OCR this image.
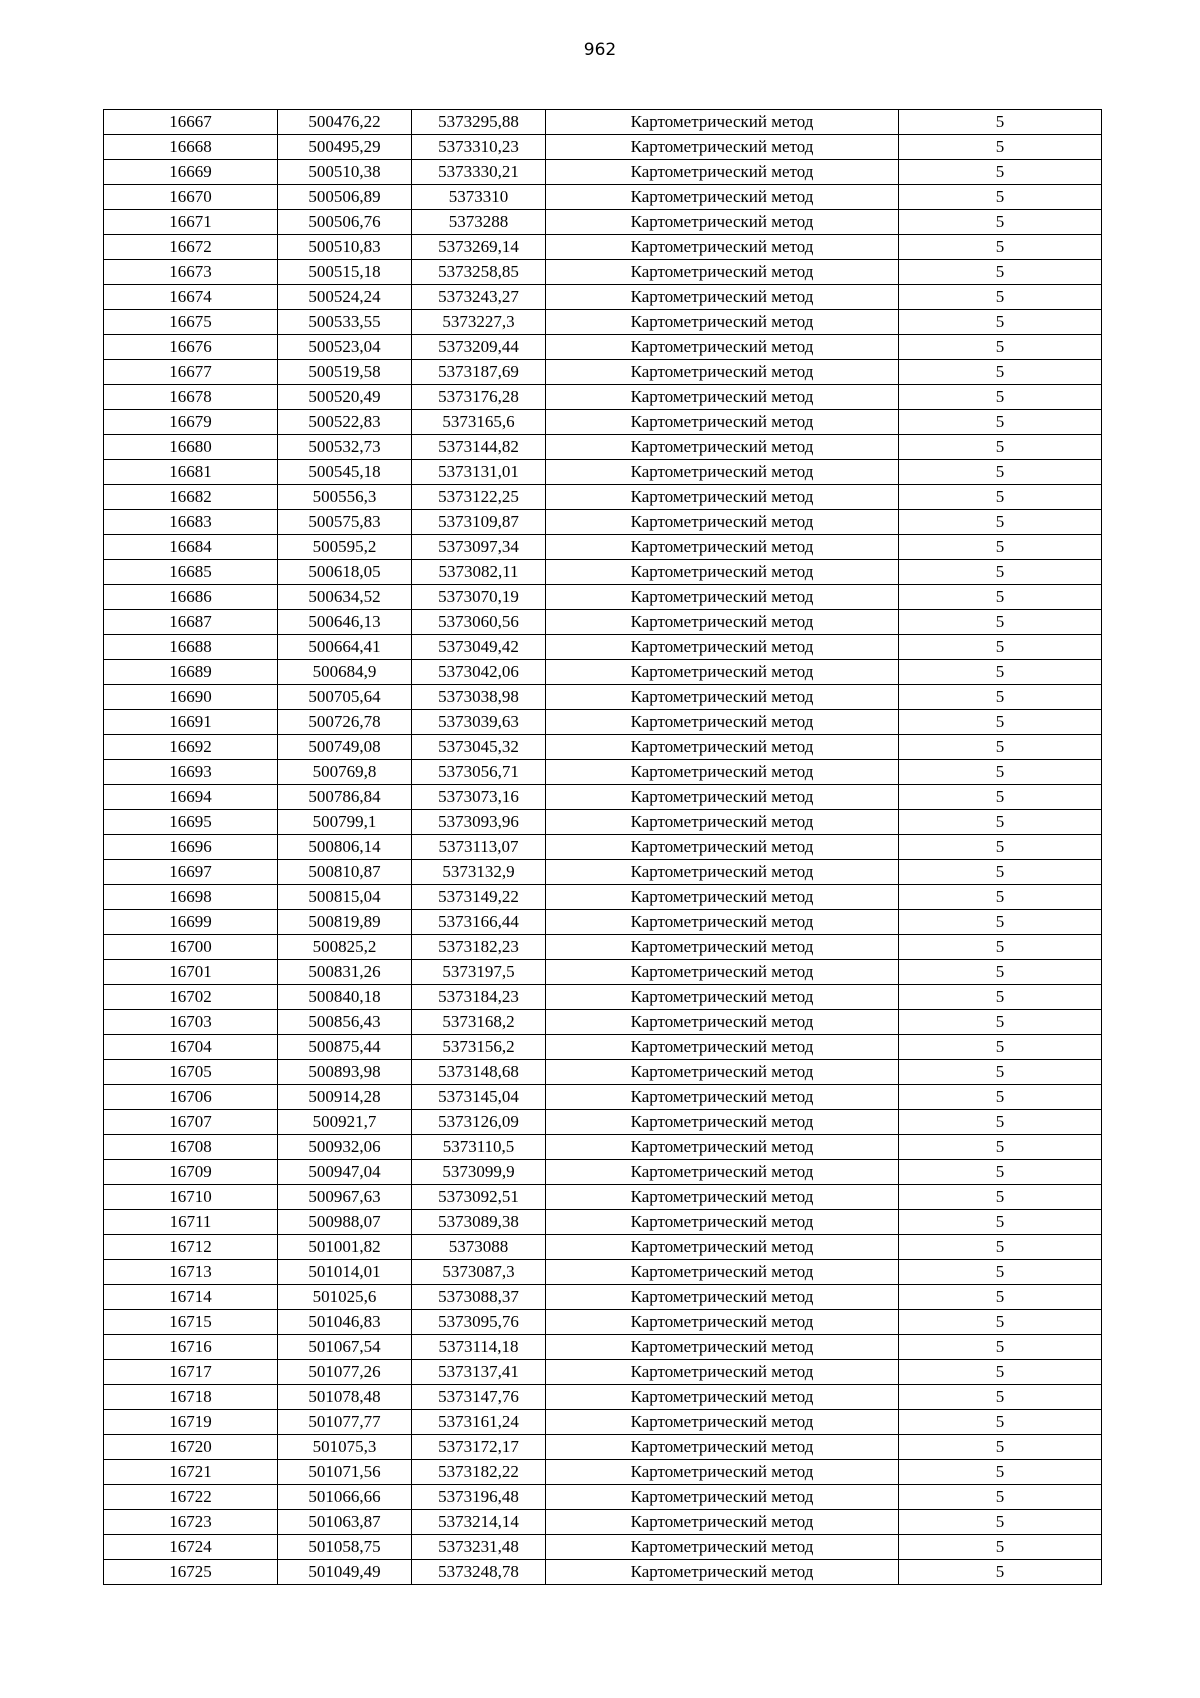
962
16667	500476,22	5373295,88	Картометрический метод	5
16668	500495,29	5373310,23	Картометрический метод	5
16669	500510,38	5373330,21	Картометрический метод	5
16670	500506,89	5373310	Картометрический метод	5
16671	500506,76	5373288	Картометрический метод	5
16672	500510,83	5373269,14	Картометрический метод	5
16673	500515,18	5373258,85	Картометрический метод	5
16674	500524,24	5373243,27	Картометрический метод	5
16675	500533,55	5373227,3	Картометрический метод	5
16676	500523,04	5373209,44	Картометрический метод	5
16677	500519,58	5373187,69	Картометрический метод	5
16678	500520,49	5373176,28	Картометрический метод	5
16679	500522,83	5373165,6	Картометрический метод	5
16680	500532,73	5373144,82	Картометрический метод	5
16681	500545,18	5373131,01	Картометрический метод	5
16682	500556,3	5373122,25	Картометрический метод	5
16683	500575,83	5373109,87	Картометрический метод	5
16684	500595,2	5373097,34	Картометрический метод	5
16685	500618,05	5373082,11	Картометрический метод	5
16686	500634,52	5373070,19	Картометрический метод	5
16687	500646,13	5373060,56	Картометрический метод	5
16688	500664,41	5373049,42	Картометрический метод	5
16689	500684,9	5373042,06	Картометрический метод	5
16690	500705,64	5373038,98	Картометрический метод	5
16691	500726,78	5373039,63	Картометрический метод	5
16692	500749,08	5373045,32	Картометрический метод	5
16693	500769,8	5373056,71	Картометрический метод	5
16694	500786,84	5373073,16	Картометрический метод	5
16695	500799,1	5373093,96	Картометрический метод	5
16696	500806,14	5373113,07	Картометрический метод	5
16697	500810,87	5373132,9	Картометрический метод	5
16698	500815,04	5373149,22	Картометрический метод	5
16699	500819,89	5373166,44	Картометрический метод	5
16700	500825,2	5373182,23	Картометрический метод	5
16701	500831,26	5373197,5	Картометрический метод	5
16702	500840,18	5373184,23	Картометрический метод	5
16703	500856,43	5373168,2	Картометрический метод	5
16704	500875,44	5373156,2	Картометрический метод	5
16705	500893,98	5373148,68	Картометрический метод	5
16706	500914,28	5373145,04	Картометрический метод	5
16707	500921,7	5373126,09	Картометрический метод	5
16708	500932,06	5373110,5	Картометрический метод	5
16709	500947,04	5373099,9	Картометрический метод	5
16710	500967,63	5373092,51	Картометрический метод	5
16711	500988,07	5373089,38	Картометрический метод	5
16712	501001,82	5373088	Картометрический метод	5
16713	501014,01	5373087,3	Картометрический метод	5
16714	501025,6	5373088,37	Картометрический метод	5
16715	501046,83	5373095,76	Картометрический метод	5
16716	501067,54	5373114,18	Картометрический метод	5
16717	501077,26	5373137,41	Картометрический метод	5
16718	501078,48	5373147,76	Картометрический метод	5
16719	501077,77	5373161,24	Картометрический метод	5
16720	501075,3	5373172,17	Картометрический метод	5
16721	501071,56	5373182,22	Картометрический метод	5
16722	501066,66	5373196,48	Картометрический метод	5
16723	501063,87	5373214,14	Картометрический метод	5
16724	501058,75	5373231,48	Картометрический метод	5
16725	501049,49	5373248,78	Картометрический метод	5
